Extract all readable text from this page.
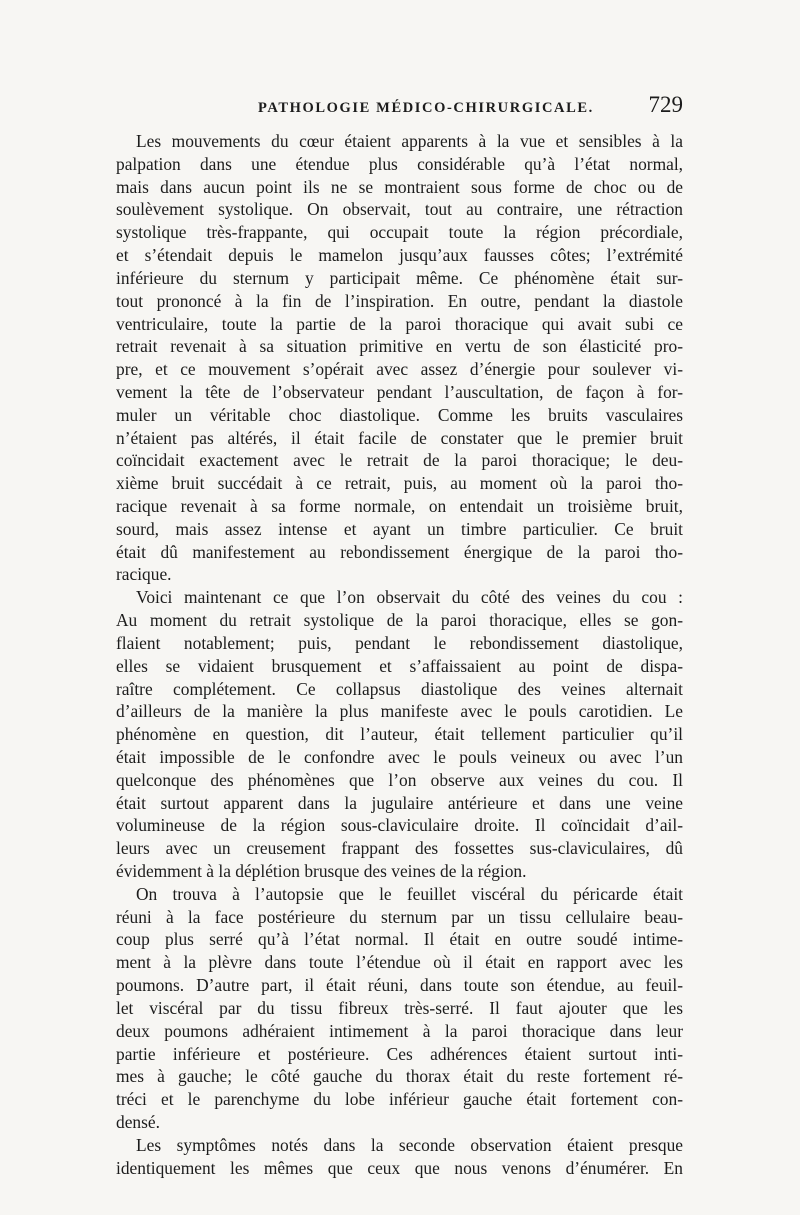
PATHOLOGIE MÉDICO-CHIRURGICALE. 729
Les mouvements du cœur étaient apparents à la vue et sensibles à la
palpation dans une étendue plus considérable qu’à l’état normal,
mais dans aucun point ils ne se montraient sous forme de choc ou de
soulèvement systolique. On observait, tout au contraire, une rétraction
systolique très-frappante, qui occupait toute la région précordiale,
et s’étendait depuis le mamelon jusqu’aux fausses côtes; l’extrémité
inférieure du sternum y participait même. Ce phénomène était sur-
tout prononcé à la fin de l’inspiration. En outre, pendant la diastole
ventriculaire, toute la partie de la paroi thoracique qui avait subi ce
retrait revenait à sa situation primitive en vertu de son élasticité pro-
pre, et ce mouvement s’opérait avec assez d’énergie pour soulever vi-
vement la tête de l’observateur pendant l’auscultation, de façon à for-
muler un véritable choc diastolique. Comme les bruits vasculaires
n’étaient pas altérés, il était facile de constater que le premier bruit
coïncidait exactement avec le retrait de la paroi thoracique; le deu-
xième bruit succédait à ce retrait, puis, au moment où la paroi tho-
racique revenait à sa forme normale, on entendait un troisième bruit,
sourd, mais assez intense et ayant un timbre particulier. Ce bruit
était dû manifestement au rebondissement énergique de la paroi tho-
racique.
Voici maintenant ce que l’on observait du côté des veines du cou :
Au moment du retrait systolique de la paroi thoracique, elles se gon-
flaient notablement; puis, pendant le rebondissement diastolique,
elles se vidaient brusquement et s’affaissaient au point de dispa-
raître complétement. Ce collapsus diastolique des veines alternait
d’ailleurs de la manière la plus manifeste avec le pouls carotidien. Le
phénomène en question, dit l’auteur, était tellement particulier qu’il
était impossible de le confondre avec le pouls veineux ou avec l’un
quelconque des phénomènes que l’on observe aux veines du cou. Il
était surtout apparent dans la jugulaire antérieure et dans une veine
volumineuse de la région sous-claviculaire droite. Il coïncidait d’ail-
leurs avec un creusement frappant des fossettes sus-claviculaires, dû
évidemment à la déplétion brusque des veines de la région.
On trouva à l’autopsie que le feuillet viscéral du péricarde était
réuni à la face postérieure du sternum par un tissu cellulaire beau-
coup plus serré qu’à l’état normal. Il était en outre soudé intime-
ment à la plèvre dans toute l’étendue où il était en rapport avec les
poumons. D’autre part, il était réuni, dans toute son étendue, au feuil-
let viscéral par du tissu fibreux très-serré. Il faut ajouter que les
deux poumons adhéraient intimement à la paroi thoracique dans leur
partie inférieure et postérieure. Ces adhérences étaient surtout inti-
mes à gauche; le côté gauche du thorax était du reste fortement ré-
tréci et le parenchyme du lobe inférieur gauche était fortement con-
densé.
Les symptômes notés dans la seconde observation étaient presque
identiquement les mêmes que ceux que nous venons d’énumérer. En
